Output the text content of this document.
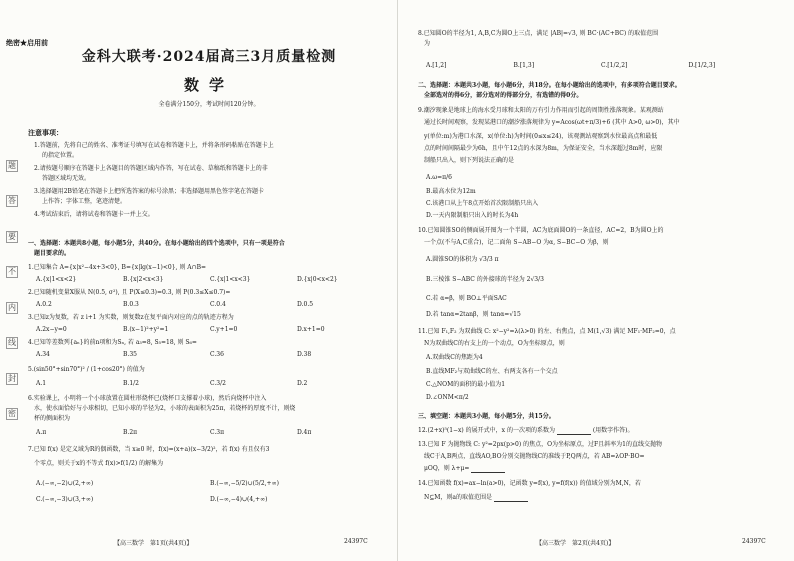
题
答
要
不
内
线
封
密
绝密★启用前
金科大联考·2024届高三3月质量检测
数学
全卷满分150分，考试时间120分钟。
注意事项：
1.答题前，先将自己的姓名、准考证号填写在试卷和答题卡上，并将条形码粘贴在答题卡上
的指定位置。
2.请按题号顺序在答题卡上各题目的答题区域内作答，写在试卷、草稿纸和答题卡上的非
答题区域均无效。
3.选择题用2B铅笔在答题卡上把所选答案的标号涂黑；非选择题用黑色签字笔在答题卡
上作答；字体工整，笔迹清楚。
4.考试结束后，请将试卷和答题卡一并上交。
一、选择题：本题共8小题，每小题5分，共40分。在每小题给出的四个选项中，只有一项是符合
题目要求的。
1.已知集合 A={x|x²−4x+3<0}, B={x|lg(x−1)<0}, 则 A∩B=
A.{x|1<x<2}	B.{x|2<x<3}	C.{x|1<x<3}	D.{x|0<x<2}
2.已知随机变量X服从 N(0.5, σ²), 且 P(X≤0.3)=0.3, 则 P(0.3≤X≤0.7)=
A.0.2	B.0.3	C.0.4	D.0.5
3.已知z为复数，若 z i+1 为实数，则复数z在复平面内对应的点的轨迹方程为
A.2x−y=0	B.(x−1)²+y²=1	C.y+1=0	D.x+1=0
4.已知等差数列{aₙ}的前n项和为Sₙ, 若 a₃=8, S₅=18, 则 S₆=
A.34	B.35	C.36	D.38
5.(sin50°+sin70°)² / (1+cos20°) 的值为
A.1	B.1/2	C.3/2	D.2
6.实验课上，小明将一个小球放置在圆柱形烧杯已(烧杯口支撑着小球)，然后向烧杯中注入
水，使水面恰好与小球相切，已知小球的半径为2，小球的表面积为25π，若烧杯的厚度不计，则烧
杯的侧面积为
A.π	B.2π	C.3π	D.4π
7.已知 f(x) 是定义域为R的偶函数，当 x≥0 时，f(x)=(x+a)(x−3/2)²，若 f(x) 有且仅有3
个零点，则关于x的不等式 f(x)>f(1/2) 的解集为
A.(−∞,−2)∪(2,+∞)	B.(−∞,−5/2)∪(5/2,+∞)
C.(−∞,−3)∪(3,+∞)	D.(−∞,−4)∪(4,+∞)
【高三数学　第1页(共4页)】	24397C
8.已知圆O的半径为1, A,B,C为圆O上三点，满足 |AB|=√3, 则 BC·(AC+BC) 的取值范围
为
A.[1,2]	B.[1,3]	C.[1/2,2]	D.[1/2,3]
二、选择题：本题共3小题，每小题6分，共18分。在每小题给出的选项中，有多项符合题目要求。
全部选对的得6分，部分选对的得部分分，有选错的得0分。
9.潮汐现象是地球上的海水受月球和太阳的万有引力作用而引起的周期性涨落现象。某观测站
通过长时间观察，发现某港口的潮汐涨落规律为 y=Acos(ωt+π/3)+6 (其中 A>0, ω>0)，其中
y(单位:m)为港口水深，x(单位:h)为时间(0≤x≤24)，该观测站观察到水位最高点和最低
点的时间间隔最少为6h，且中午12点的水深为8m，为保证安全，当水深超过8m时，应限
制船只出入，则下列说法正确的是
A.ω=π/6
B.最高水位为12m
C.该港口从上午8点开始首次限制船只出入
D.一天内限制船只出入的时长为4h
10.已知圆锥SO的侧面展开图为一个半圆，AC为底面圆O的一条直径，AC=2，B为圆O上的
一个点(不与A,C重合)，记二面角 S−AB−O 为α, S−BC−O 为β，则
A.圆锥SO的体积为 √3/3 π
B.三棱锥 S−ABC 的外接球的半径为 2√3/3
C.若 α=β，则 BO⊥平面SAC
D.若 tanα=2tanβ，则 tanα=√15
11.已知 F₁,F₂ 为双曲线 C: x²−y²=λ(λ>0) 的左、右焦点，点 M(1,√3) 满足 MF₁·MF₂=0，点
N为双曲线C的右支上的一个动点，O为坐标原点，则
A.双曲线C的焦距为4
B.直线MF₂与双曲线C的左、右两支各有一个交点
C.△NOM的面积的最小值为1
D.∠ONM<π/2
三、填空题：本题共3小题，每小题5分，共15分。
12.(2+x)⁵(1−x) 的展开式中，x 的一次项的系数为	(用数字作答)。
13.已知 F 为抛物线 C: y²=2px(p>0) 的焦点，O为坐标原点，过F且斜率为1的直线交抛物
线C于A,B两点，直线AO,BO分别交抛物线C的准线于P,Q两点，若 AB=λOP·BO=
μOQ，则 λ+μ=
14.已知函数 f(x)=ax−ln(a>0)，记函数 y=f(x), y=f(f(x)) 的值域分别为M,N，若
N⊆M，则a的取值范围是
【高三数学　第2页(共4页)】	24397C
